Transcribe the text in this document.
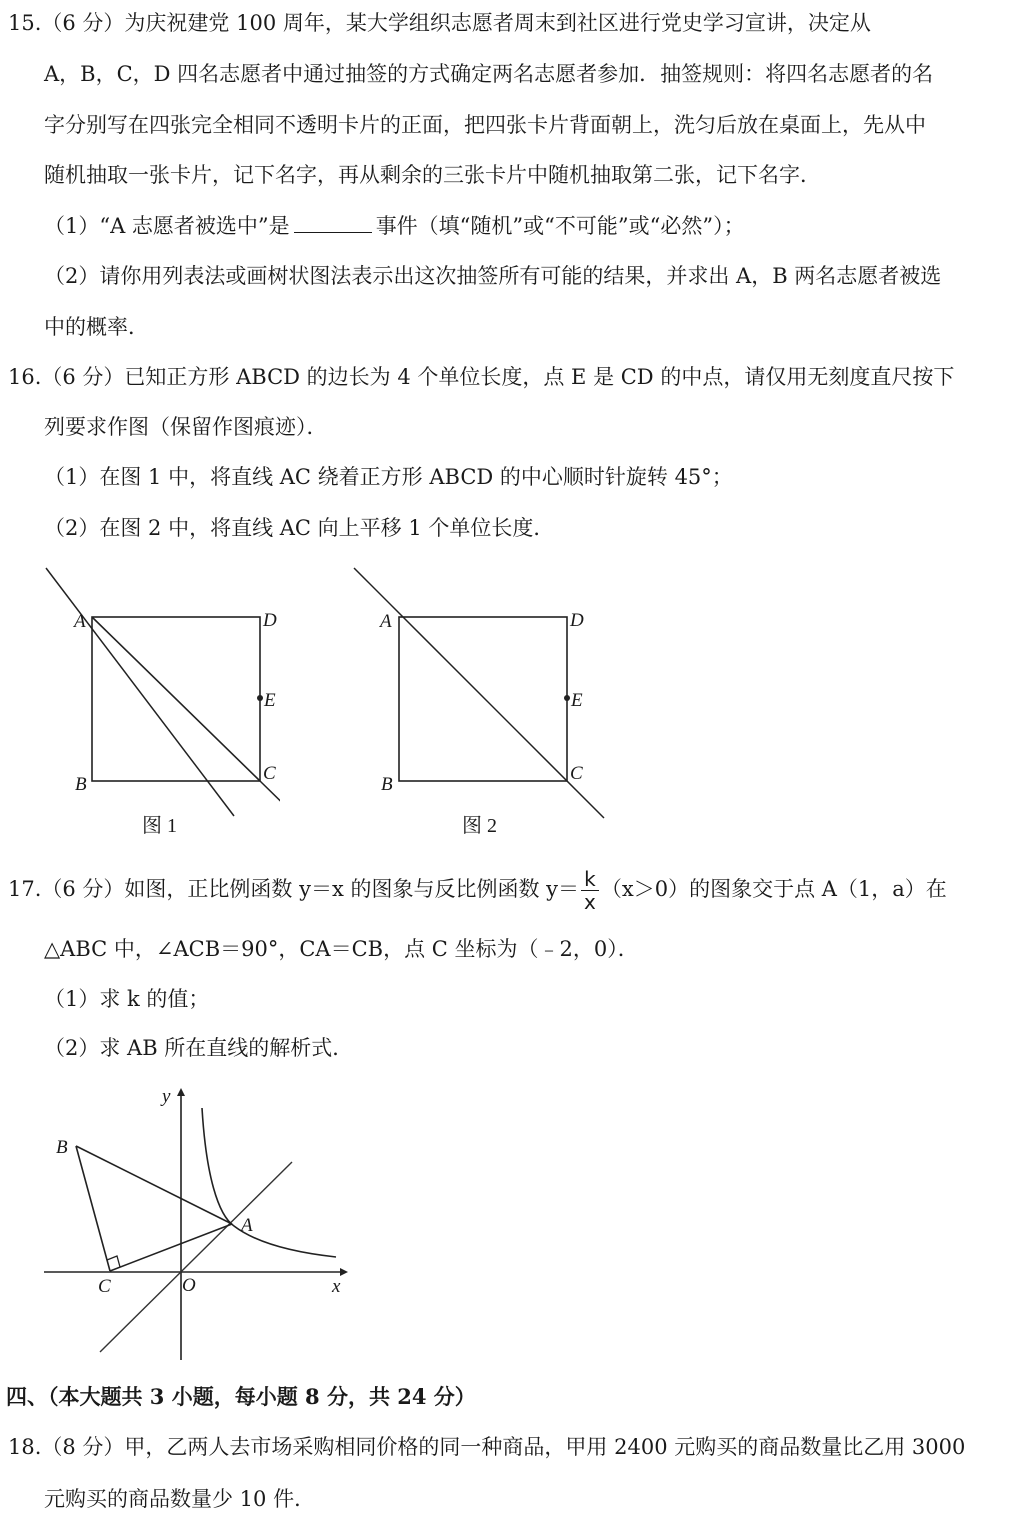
15.（6 分）为庆祝建党 100 周年，某大学组织志愿者周末到社区进行党史学习宣讲，决定从
A，B，C，D 四名志愿者中通过抽签的方式确定两名志愿者参加．抽签规则：将四名志愿者的名
字分别写在四张完全相同不透明卡片的正面，把四张卡片背面朝上，洗匀后放在桌面上，先从中
随机抽取一张卡片，记下名字，再从剩余的三张卡片中随机抽取第二张，记下名字．
（1）“A 志愿者被选中”是	事件（填“随机”或“不可能”或“必然”）；
（2）请你用列表法或画树状图法表示出这次抽签所有可能的结果，并求出 A，B 两名志愿者被选
中的概率．
16.（6 分）已知正方形 ABCD 的边长为 4 个单位长度，点 E 是 CD 的中点，请仅用无刻度直尺按下
列要求作图（保留作图痕迹）．
（1）在图 1 中，将直线 AC 绕着正方形 ABCD 的中心顺时针旋转 45°；
（2）在图 2 中，将直线 AC 向上平移 1 个单位长度．
A	D
E
B
C
图 1
A	D
E
B
C
图 2
17.（6 分）如图，正比例函数 y＝x 的图象与反比例函数 $y= \frac{k}{x} (x>0)$的图象交于点 A（1，a）在
△ABC 中，∠ACB＝90°，CA＝CB，点 C 坐标为（﹣2，0）．
（1）求 k 的值；
（2）求 AB 所在直线的解析式．
B
A
C	O	x
y
四、（本大题共 3 小题，每小题 8 分，共 24 分）
18.（8 分）甲，乙两人去市场采购相同价格的同一种商品，甲用 2400 元购买的商品数量比乙用 3000
元购买的商品数量少 10 件．
